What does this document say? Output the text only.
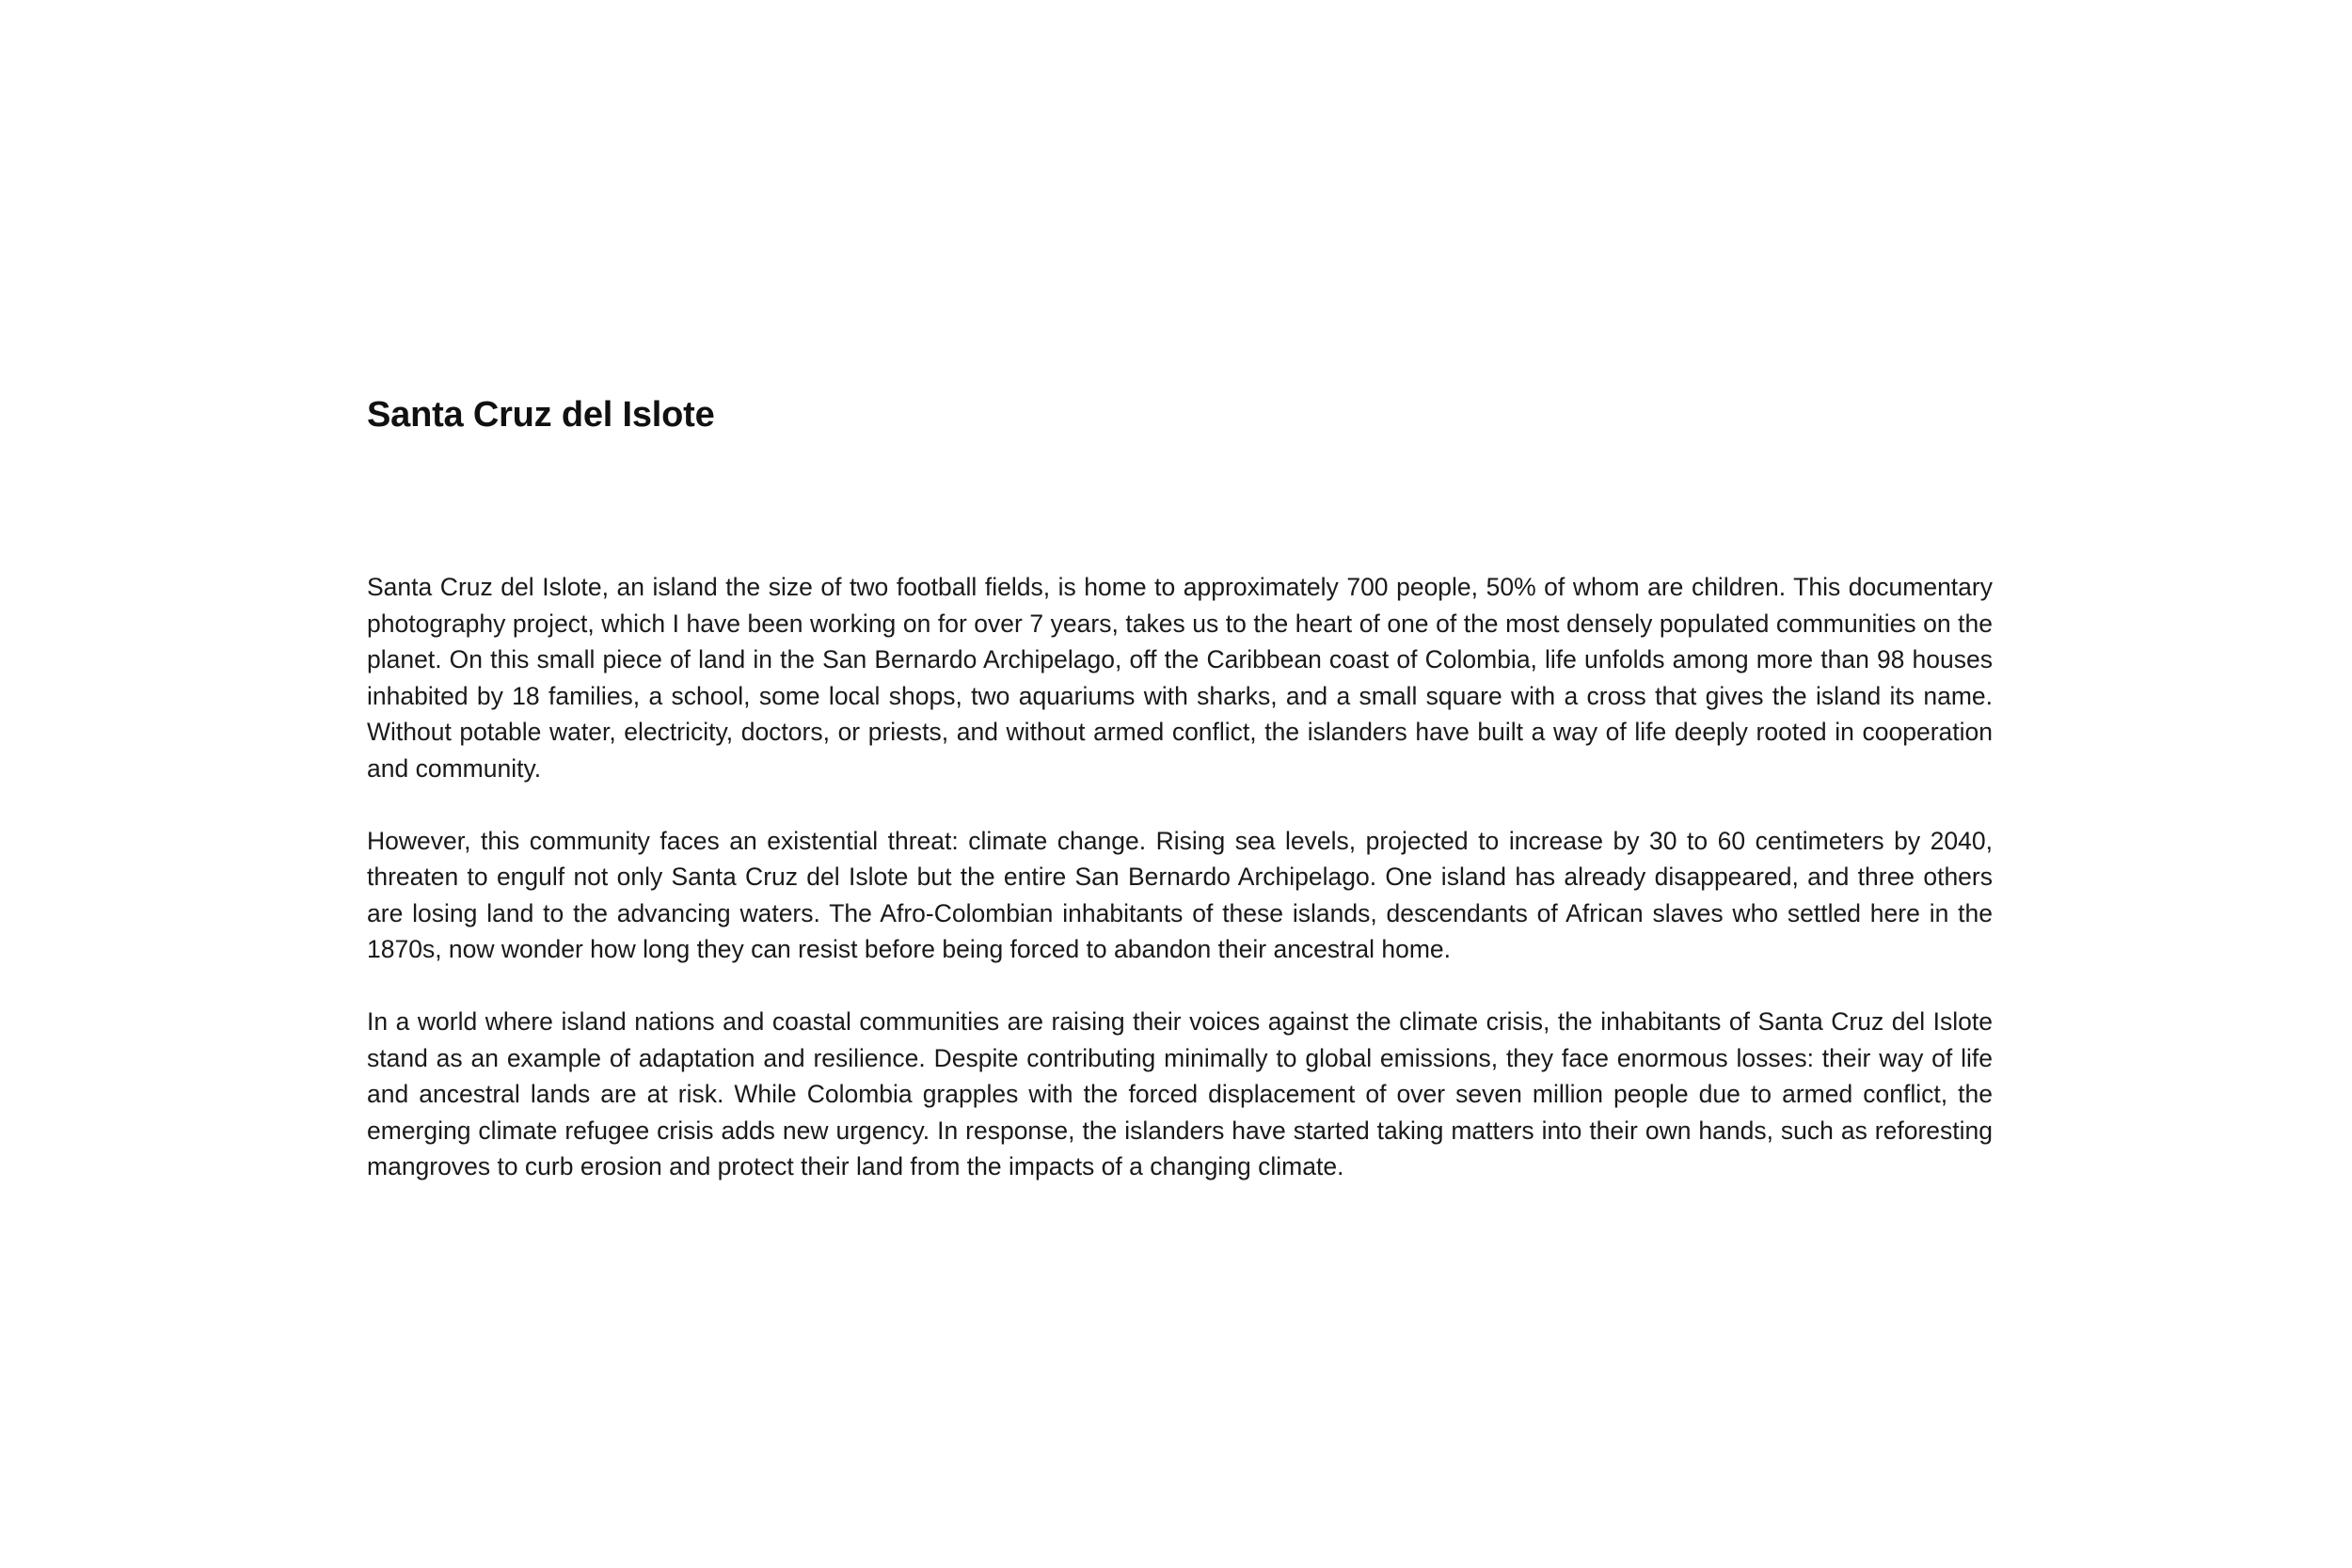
Santa Cruz del Islote

Santa Cruz del Islote, an island the size of two football fields, is home to approximately 700 people, 50% of whom are children. This documentary photography project, which I have been working on for over 7 years, takes us to the heart of one of the most densely populated communities on the planet. On this small piece of land in the San Bernardo Archipelago, off the Caribbean coast of Colombia, life unfolds among more than 98 houses inhabited by 18 families, a school, some local shops, two aquariums with sharks, and a small square with a cross that gives the island its name. Without potable water, electricity, doctors, or priests, and without armed conflict, the islanders have built a way of life deeply rooted in cooperation and community.

However, this community faces an existential threat: climate change. Rising sea levels, projected to increase by 30 to 60 centimeters by 2040, threaten to engulf not only Santa Cruz del Islote but the entire San Bernardo Archipelago. One island has already disappeared, and three others are losing land to the advancing waters. The Afro-Colombian inhabitants of these islands, descendants of African slaves who settled here in the 1870s, now wonder how long they can resist before being forced to abandon their ancestral home.

In a world where island nations and coastal communities are raising their voices against the climate crisis, the inhabitants of Santa Cruz del Islote stand as an example of adaptation and resilience. Despite contributing minimally to global emissions, they face enormous losses: their way of life and ancestral lands are at risk. While Colombia grapples with the forced displacement of over seven million people due to armed conflict, the emerging climate refugee crisis adds new urgency. In response, the islanders have started taking matters into their own hands, such as reforesting mangroves to curb erosion and protect their land from the impacts of a changing climate.
